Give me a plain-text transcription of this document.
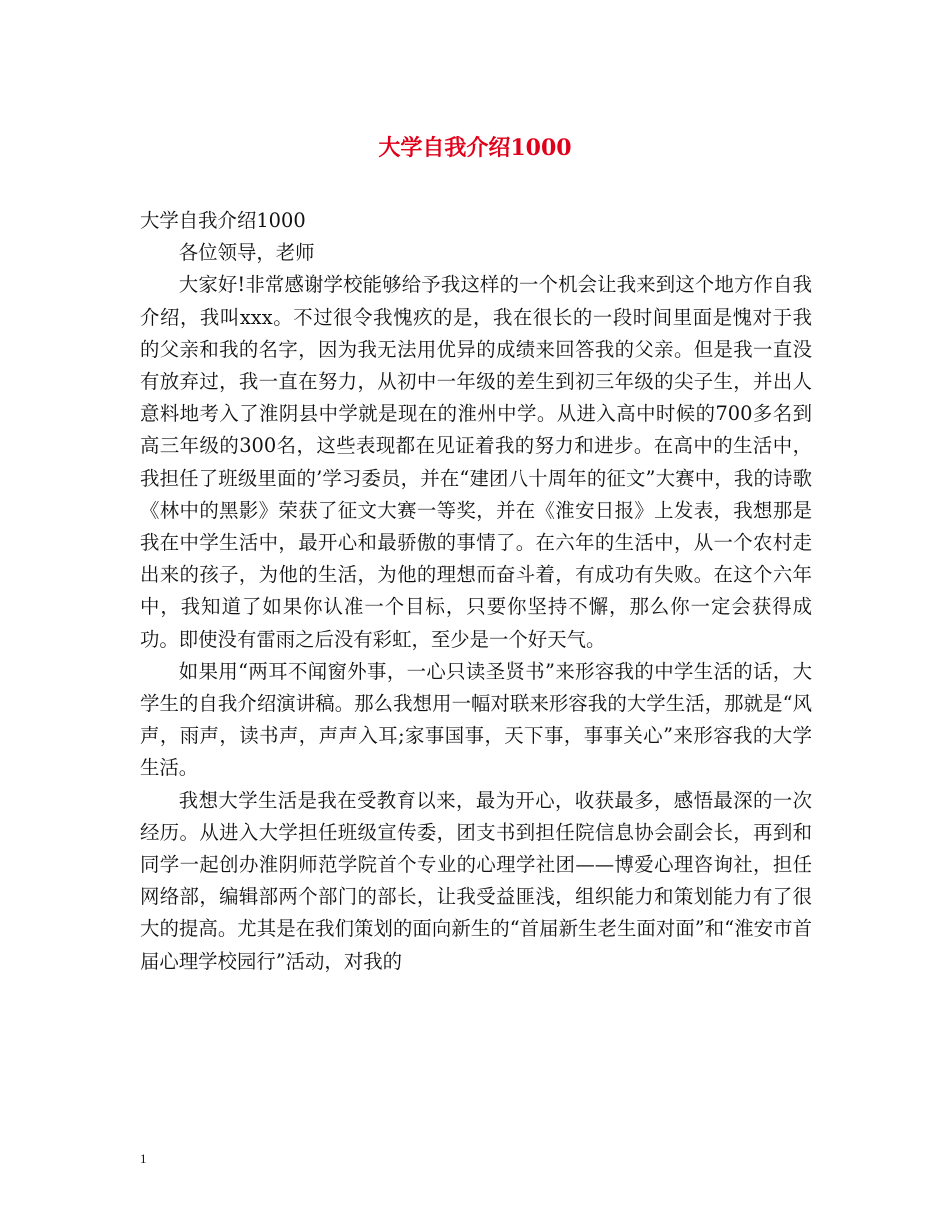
大学自我介绍1000

大学自我介绍1000

各位领导，老师

大家好!非常感谢学校能够给予我这样的一个机会让我来到这个地方作自我介绍，我叫xxx。不过很令我愧疚的是，我在很长的一段时间里面是愧对于我的父亲和我的名字，因为我无法用优异的成绩来回答我的父亲。但是我一直没有放弃过，我一直在努力，从初中一年级的差生到初三年级的尖子生，并出人意料地考入了淮阴县中学就是现在的淮州中学。从进入高中时候的700多名到高三年级的300名，这些表现都在见证着我的努力和进步。在高中的生活中，我担任了班级里面的’学习委员，并在“建团八十周年的征文”大赛中，我的诗歌《林中的黑影》荣获了征文大赛一等奖，并在《淮安日报》上发表，我想那是我在中学生活中，最开心和最骄傲的事情了。在六年的生活中，从一个农村走出来的孩子，为他的生活，为他的理想而奋斗着，有成功有失败。在这个六年中，我知道了如果你认准一个目标，只要你坚持不懈，那么你一定会获得成功。即使没有雷雨之后没有彩虹，至少是一个好天气。

如果用“两耳不闻窗外事，一心只读圣贤书”来形容我的中学生活的话，大学生的自我介绍演讲稿。那么我想用一幅对联来形容我的大学生活，那就是“风声，雨声，读书声，声声入耳;家事国事，天下事，事事关心”来形容我的大学生活。

我想大学生活是我在受教育以来，最为开心，收获最多，感悟最深的一次经历。从进入大学担任班级宣传委，团支书到担任院信息协会副会长，再到和同学一起创办淮阴师范学院首个专业的心理学社团——博爱心理咨询社，担任网络部，编辑部两个部门的部长，让我受益匪浅，组织能力和策划能力有了很大的提高。尤其是在我们策划的面向新生的“首届新生老生面对面”和“淮安市首届心理学校园行”活动，对我的

1
